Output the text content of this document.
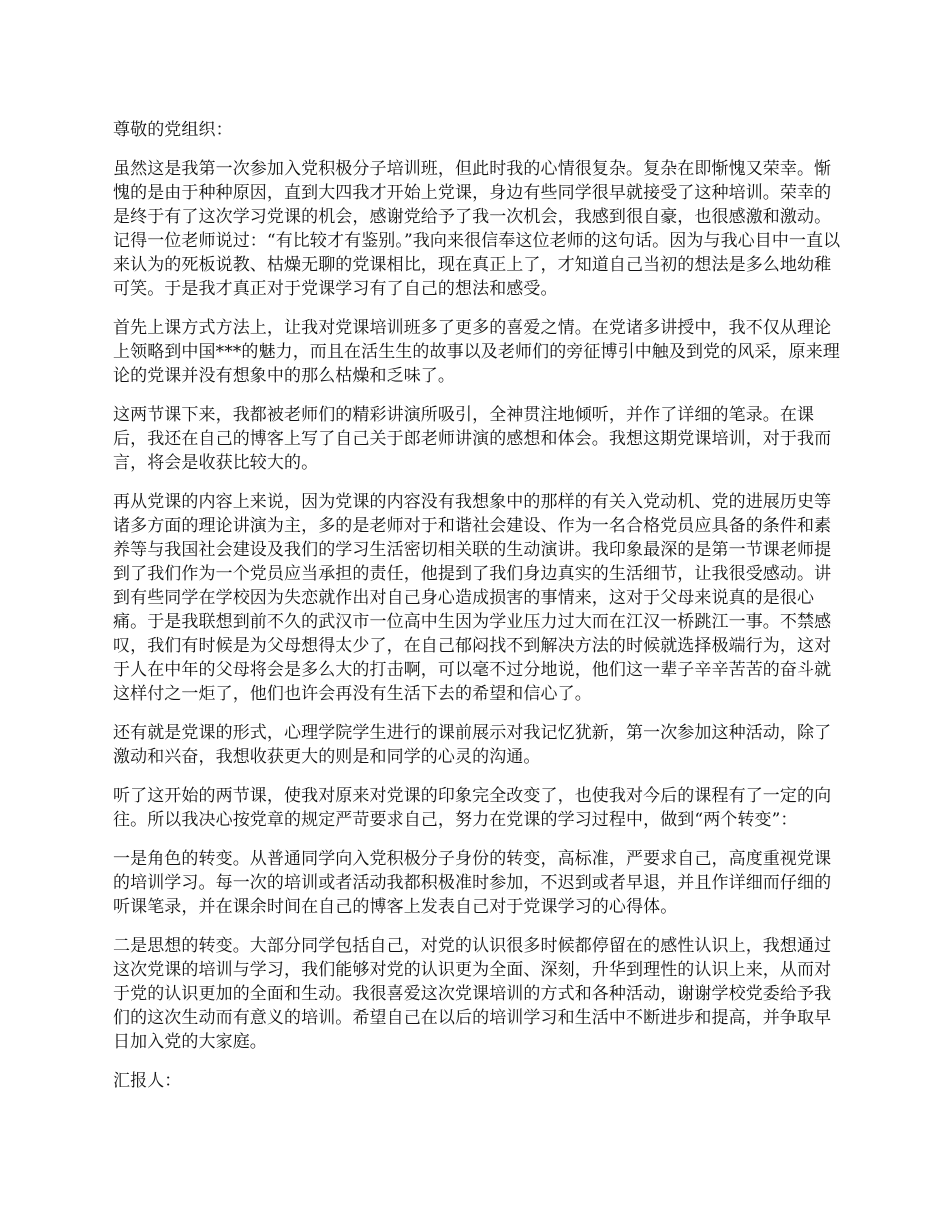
尊敬的党组织：

虽然这是我第一次参加入党积极分子培训班，但此时我的心情很复杂。复杂在即惭愧又荣幸。惭愧的是由于种种原因，直到大四我才开始上党课，身边有些同学很早就接受了这种培训。荣幸的是终于有了这次学习党课的机会，感谢党给予了我一次机会，我感到很自豪，也很感激和激动。记得一位老师说过：“有比较才有鉴别。”我向来很信奉这位老师的这句话。因为与我心目中一直以来认为的死板说教、枯燥无聊的党课相比，现在真正上了，才知道自己当初的想法是多么地幼稚可笑。于是我才真正对于党课学习有了自己的想法和感受。

首先上课方式方法上，让我对党课培训班多了更多的喜爱之情。在党诸多讲授中，我不仅从理论上领略到中国***的魅力，而且在活生生的故事以及老师们的旁征博引中触及到党的风采，原来理论的党课并没有想象中的那么枯燥和乏味了。

这两节课下来，我都被老师们的精彩讲演所吸引，全神贯注地倾听，并作了详细的笔录。在课后，我还在自己的博客上写了自己关于郎老师讲演的感想和体会。我想这期党课培训，对于我而言，将会是收获比较大的。

再从党课的内容上来说，因为党课的内容没有我想象中的那样的有关入党动机、党的进展历史等诸多方面的理论讲演为主，多的是老师对于和谐社会建设、作为一名合格党员应具备的条件和素养等与我国社会建设及我们的学习生活密切相关联的生动演讲。我印象最深的是第一节课老师提到了我们作为一个党员应当承担的责任，他提到了我们身边真实的生活细节，让我很受感动。讲到有些同学在学校因为失恋就作出对自己身心造成损害的事情来，这对于父母来说真的是很心痛。于是我联想到前不久的武汉市一位高中生因为学业压力过大而在江汉一桥跳江一事。不禁感叹，我们有时候是为父母想得太少了，在自己郁闷找不到解决方法的时候就选择极端行为，这对于人在中年的父母将会是多么大的打击啊，可以毫不过分地说，他们这一辈子辛辛苦苦的奋斗就这样付之一炬了，他们也许会再没有生活下去的希望和信心了。

还有就是党课的形式，心理学院学生进行的课前展示对我记忆犹新，第一次参加这种活动，除了激动和兴奋，我想收获更大的则是和同学的心灵的沟通。

听了这开始的两节课，使我对原来对党课的印象完全改变了，也使我对今后的课程有了一定的向往。所以我决心按党章的规定严苛要求自己，努力在党课的学习过程中，做到“两个转变”：

一是角色的转变。从普通同学向入党积极分子身份的转变，高标准，严要求自己，高度重视党课的培训学习。每一次的培训或者活动我都积极准时参加，不迟到或者早退，并且作详细而仔细的听课笔录，并在课余时间在自己的博客上发表自己对于党课学习的心得体。

二是思想的转变。大部分同学包括自己，对党的认识很多时候都停留在的感性认识上，我想通过这次党课的培训与学习，我们能够对党的认识更为全面、深刻，升华到理性的认识上来，从而对于党的认识更加的全面和生动。我很喜爱这次党课培训的方式和各种活动，谢谢学校党委给予我们的这次生动而有意义的培训。希望自己在以后的培训学习和生活中不断进步和提高，并争取早日加入党的大家庭。

汇报人：
